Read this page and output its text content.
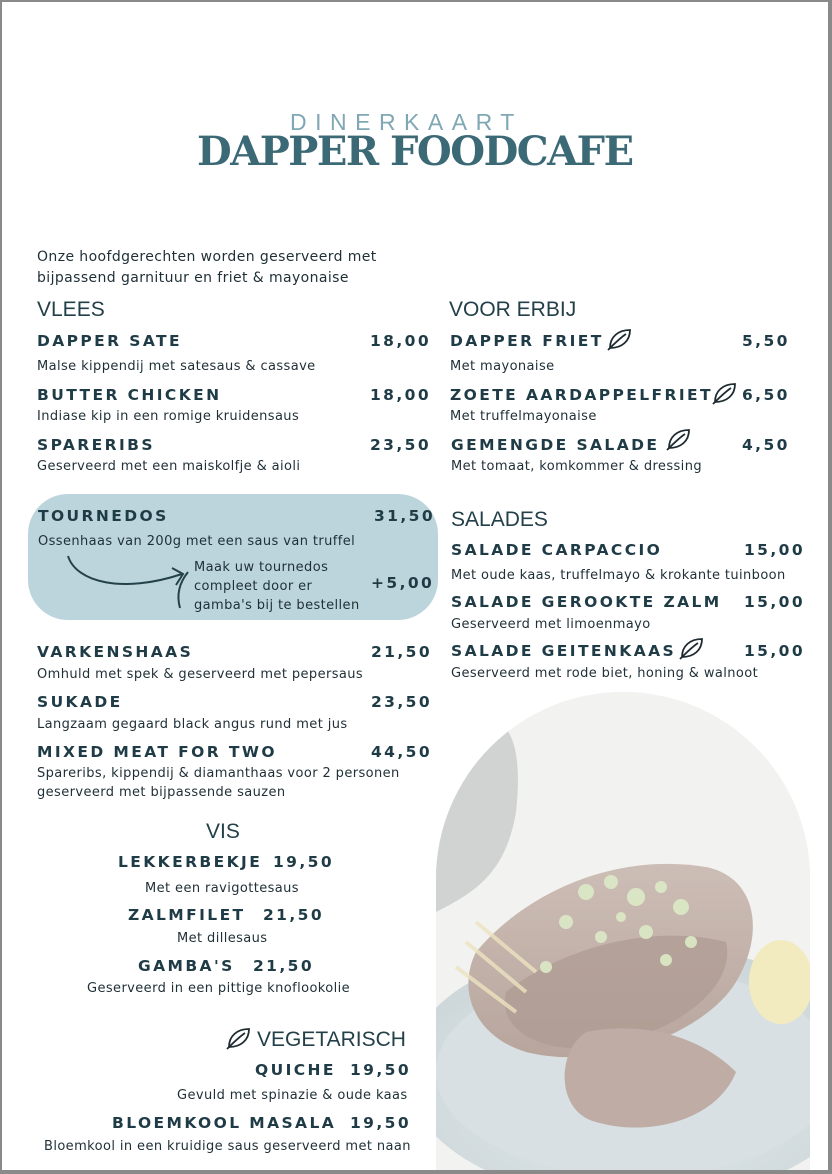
DINERKAART
DAPPER FOODCAFE
Onze hoofdgerechten worden geserveerd met bijpassend garnituur en friet & mayonaise
VLEES
DAPPER SATE	18,00
Malse kippendij met satesaus & cassave
BUTTER CHICKEN	18,00
Indiase kip in een romige kruidensaus
SPARERIBS	23,50
Geserveerd met een maiskolfje & aioli
TOURNEDOS	31,50
Ossenhaas van 200g met een saus van truffel
Maak uw tournedos
compleet door er
gamba's bij te bestellen
+5,00
VARKENSHAAS	21,50
Omhuld met spek & geserveerd met pepersaus
SUKADE	23,50
Langzaam gegaard black angus rund met jus
MIXED MEAT FOR TWO	44,50
Spareribs, kippendij & diamanthaas voor 2 personen
geserveerd met bijpassende sauzen
VIS
LEKKERBEKJE 19,50
Met een ravigottesaus
ZALMFILET 21,50
Met dillesaus
GAMBA'S 21,50
Geserveerd in een pittige knoflookolie
VEGETARISCH
QUICHE 19,50
Gevuld met spinazie & oude kaas
BLOEMKOOL MASALA 19,50
Bloemkool in een kruidige saus geserveerd met naan
VOOR ERBIJ
DAPPER FRIET	5,50
Met mayonaise
ZOETE AARDAPPELFRIET 6,50
Met truffelmayonaise
GEMENGDE SALADE	4,50
Met tomaat, komkommer & dressing
SALADES
SALADE CARPACCIO	15,00
Met oude kaas, truffelmayo & krokante tuinboon
SALADE GEROOKTE ZALM 15,00
Geserveerd met limoenmayo
SALADE GEITENKAAS	15,00
Geserveerd met rode biet, honing & walnoot
